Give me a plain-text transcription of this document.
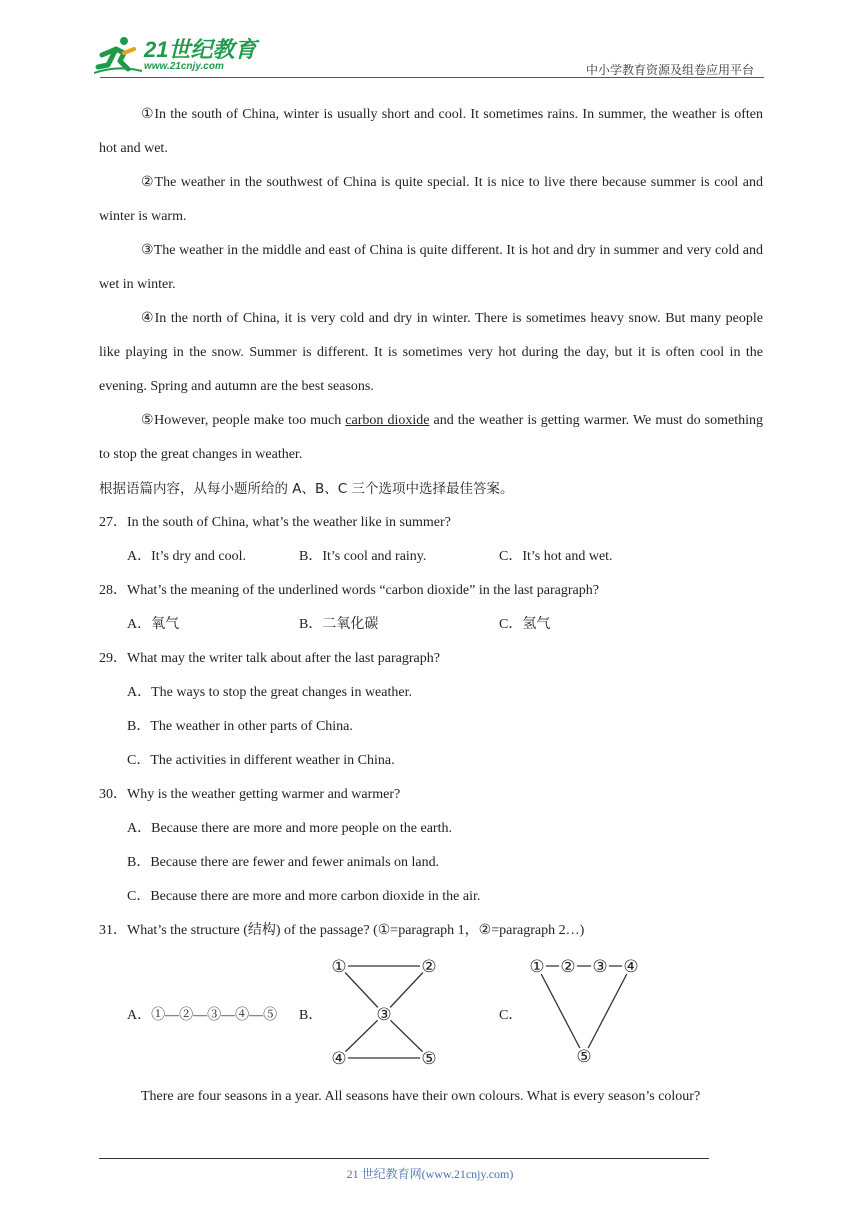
21世纪教育
www.21cnjy.com	中小学教育资源及组卷应用平台

①In the south of China, winter is usually short and cool. It sometimes rains. In summer, the weather is often hot and wet.

②The weather in the southwest of China is quite special. It is nice to live there because summer is cool and winter is warm.

③The weather in the middle and east of China is quite different. It is hot and dry in summer and very cold and wet in winter.

④In the north of China, it is very cold and dry in winter. There is sometimes heavy snow. But many people like playing in the snow. Summer is different. It is sometimes very hot during the day, but it is often cool in the evening. Spring and autumn are the best seasons.

⑤However, people make too much carbon dioxide and the weather is getting warmer. We must do something to stop the great changes in weather.

根据语篇内容，从每小题所给的 A、B、C 三个选项中选择最佳答案。
27．In the south of China, what’s the weather like in summer?
A．It’s dry and cool.	B．It’s cool and rainy.	C．It’s hot and wet.
28．What’s the meaning of the underlined words “carbon dioxide” in the last paragraph?
A．氧气	B．二氧化碳	C．氢气
29．What may the writer talk about after the last paragraph?
A．The ways to stop the great changes in weather.
B．The weather in other parts of China.
C．The activities in different weather in China.
30．Why is the weather getting warmer and warmer?
A．Because there are more and more people on the earth.
B．Because there are fewer and fewer animals on land.
C．Because there are more and more carbon dioxide in the air.
31．What’s the structure (结构) of the passage? (①=paragraph 1，②=paragraph 2…)
A．①—②—③—④—⑤ B．
①	②
③
④	⑤
C．
① ② ③ ④
⑤
There are four seasons in a year. All seasons have their own colours. What is every season’s colour?
21 世纪教育网(www.21cnjy.com)
